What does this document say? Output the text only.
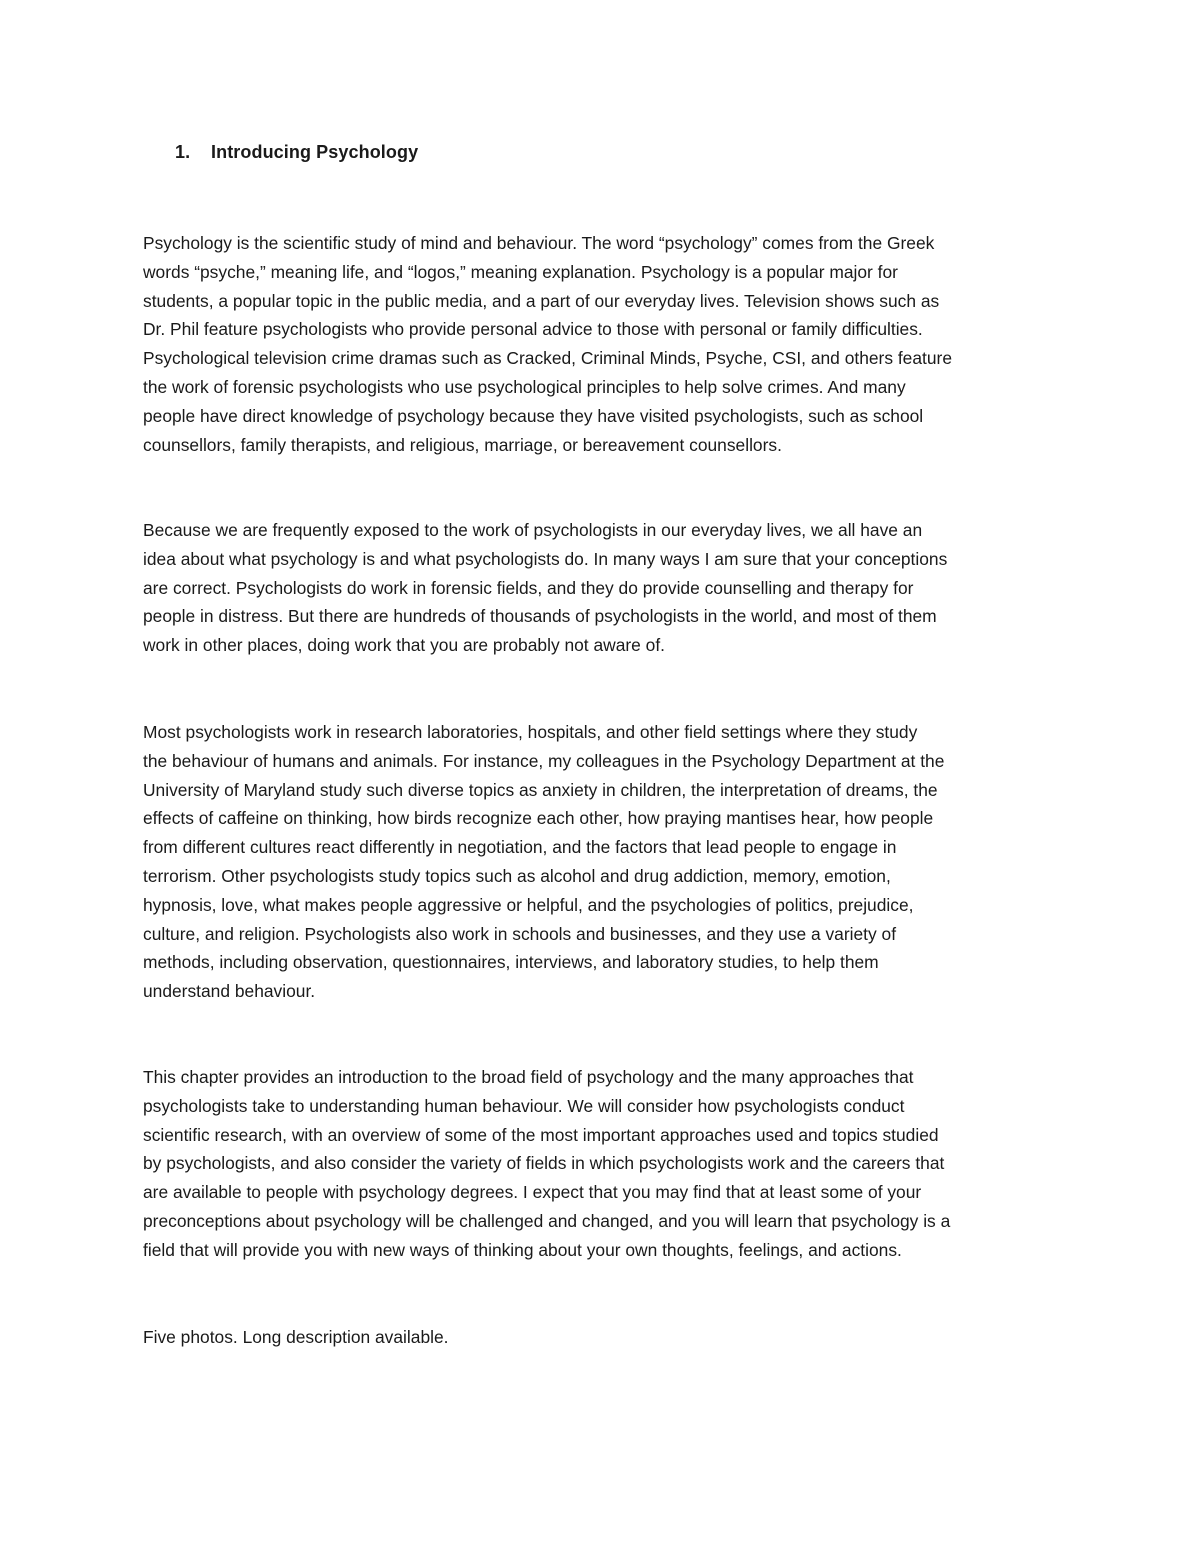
1. Introducing Psychology
Psychology is the scientific study of mind and behaviour. The word “psychology” comes from the Greek
words “psyche,” meaning life, and “logos,” meaning explanation. Psychology is a popular major for
students, a popular topic in the public media, and a part of our everyday lives. Television shows such as
Dr. Phil feature psychologists who provide personal advice to those with personal or family difficulties.
Psychological television crime dramas such as Cracked, Criminal Minds, Psyche, CSI, and others feature
the work of forensic psychologists who use psychological principles to help solve crimes. And many
people have direct knowledge of psychology because they have visited psychologists, such as school
counsellors, family therapists, and religious, marriage, or bereavement counsellors.
Because we are frequently exposed to the work of psychologists in our everyday lives, we all have an
idea about what psychology is and what psychologists do. In many ways I am sure that your conceptions
are correct. Psychologists do work in forensic fields, and they do provide counselling and therapy for
people in distress. But there are hundreds of thousands of psychologists in the world, and most of them
work in other places, doing work that you are probably not aware of.
Most psychologists work in research laboratories, hospitals, and other field settings where they study
the behaviour of humans and animals. For instance, my colleagues in the Psychology Department at the
University of Maryland study such diverse topics as anxiety in children, the interpretation of dreams, the
effects of caffeine on thinking, how birds recognize each other, how praying mantises hear, how people
from different cultures react differently in negotiation, and the factors that lead people to engage in
terrorism. Other psychologists study topics such as alcohol and drug addiction, memory, emotion,
hypnosis, love, what makes people aggressive or helpful, and the psychologies of politics, prejudice,
culture, and religion. Psychologists also work in schools and businesses, and they use a variety of
methods, including observation, questionnaires, interviews, and laboratory studies, to help them
understand behaviour.
This chapter provides an introduction to the broad field of psychology and the many approaches that
psychologists take to understanding human behaviour. We will consider how psychologists conduct
scientific research, with an overview of some of the most important approaches used and topics studied
by psychologists, and also consider the variety of fields in which psychologists work and the careers that
are available to people with psychology degrees. I expect that you may find that at least some of your
preconceptions about psychology will be challenged and changed, and you will learn that psychology is a
field that will provide you with new ways of thinking about your own thoughts, feelings, and actions.
Five photos. Long description available.
